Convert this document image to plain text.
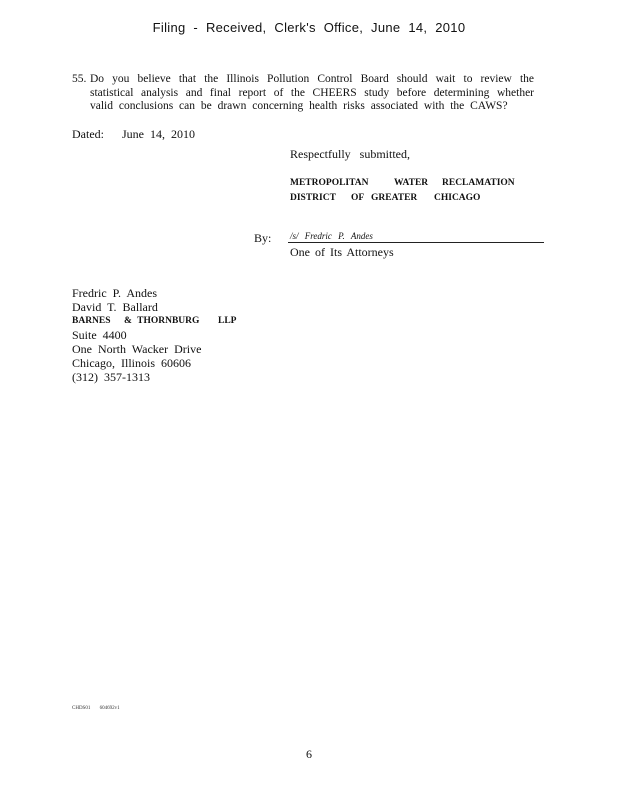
Filing - Received, Clerk's Office, June 14, 2010
55. Do you believe that the Illinois Pollution Control Board should wait to review the statistical analysis and final report of the CHEERS study before determining whether valid conclusions can be drawn concerning health risks associated with the CAWS?
Dated: June 14, 2010
Respectfully submitted,
METROPOLITAN	WATER RECLAMATION
DISTRICT OF GREATER CHICAGO
By: /s/ Fredric P. Andes
One of Its Attorneys
Fredric P. Andes
David T. Ballard
BARNES & THORNBURG LLP
Suite 4400
One North Wacker Drive
Chicago, Illinois 60606
(312) 357-1313
CHDS01 604692v1
6
